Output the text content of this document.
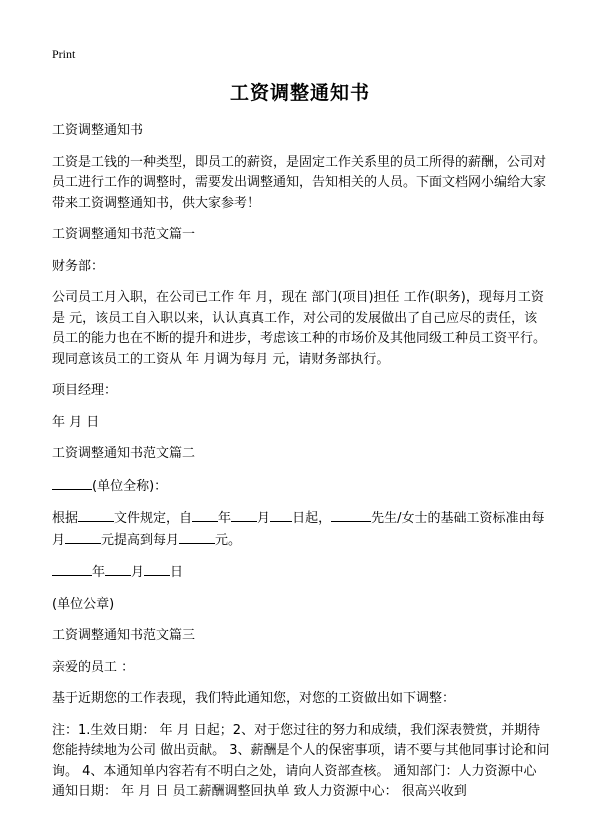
Print
工资调整通知书

工资调整通知书

工资是工钱的一种类型，即员工的薪资，是固定工作关系里的员工所得的薪酬，公司对员工进行工作的调整时，需要发出调整通知，告知相关的人员。下面文档网小编给大家带来工资调整通知书，供大家参考！

工资调整通知书范文篇一

财务部：

公司员工月入职，在公司已工作 年 月，现在 部门(项目)担任 工作(职务)，现每月工资是 元，该员工自入职以来，认认真真工作，对公司的发展做出了自己应尽的责任，该员工的能力也在不断的提升和进步，考虑该工种的市场价及其他同级工种员工资平行。现同意该员工的工资从 年 月调为每月 元，请财务部执行。

项目经理：

年 月 日

工资调整通知书范文篇二

(单位全称)：

根据	文件规定，自 年 月 日起，	先生/女士的基础工资标准由每月	元提高到每月	元。

年 月 日

(单位公章)

工资调整通知书范文篇三

亲爱的员工 ：

基于近期您的工作表现，我们特此通知您，对您的工资做出如下调整：

注：1.生效日期： 年 月 日起；2、对于您过往的努力和成绩，我们深表赞赏，并期待您能持续地为公司 做出贡献。 3、薪酬是个人的保密事项，请不要与其他同事讨论和问询。 4、本通知单内容若有不明白之处，请向人资部查核。 通知部门：人力资源中心 通知日期： 年 月 日 员工薪酬调整回执单 致人力资源中心： 很高兴收到
